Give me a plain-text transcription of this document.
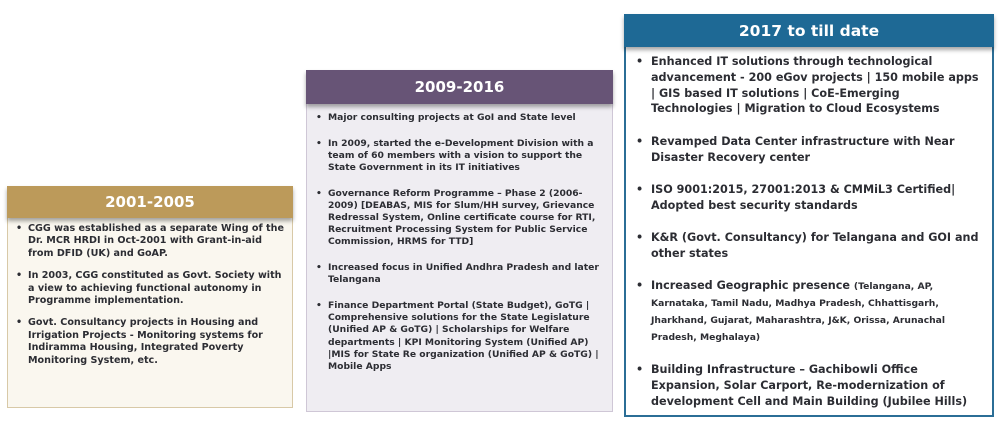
2001-2005
• CGG was established as a separate Wing of the Dr. MCR HRDI in Oct-2001 with Grant-in-aid from DFID (UK) and GoAP.
• In 2003, CGG constituted as Govt. Society with a view to achieving functional autonomy in Programme implementation.
• Govt. Consultancy projects in Housing and Irrigation Projects - Monitoring systems for Indiramma Housing, Integrated Poverty Monitoring System, etc.
2009-2016
• Major consulting projects at GoI and State level
• In 2009, started the e-Development Division with a team of 60 members with a vision to support the State Government in its IT initiatives
• Governance Reform Programme – Phase 2 (2006-2009) [DEABAS, MIS for Slum/HH survey, Grievance Redressal System, Online certificate course for RTI, Recruitment Processing System for Public Service Commission, HRMS for TTD]
• Increased focus in Unified Andhra Pradesh and later Telangana
• Finance Department Portal (State Budget), GoTG | Comprehensive solutions for the State Legislature (Unified AP & GoTG) | Scholarships for Welfare departments | KPI Monitoring System (Unified AP) |MIS for State Re organization (Unified AP & GoTG) | Mobile Apps
2017 to till date
• Enhanced IT solutions through technological advancement - 200 eGov projects | 150 mobile apps | GIS based IT solutions | CoE-Emerging Technologies | Migration to Cloud Ecosystems
• Revamped Data Center infrastructure with Near Disaster Recovery center
• ISO 9001:2015, 27001:2013 & CMMiL3 Certified| Adopted best security standards
• K&R (Govt. Consultancy) for Telangana and GOI and other states
• Increased Geographic presence (Telangana, AP, Karnataka, Tamil Nadu, Madhya Pradesh, Chhattisgarh, Jharkhand, Gujarat, Maharashtra, J&K, Orissa, Arunachal Pradesh, Meghalaya)
• Building Infrastructure – Gachibowli Office Expansion, Solar Carport, Re-modernization of development Cell and Main Building (Jubilee Hills)
